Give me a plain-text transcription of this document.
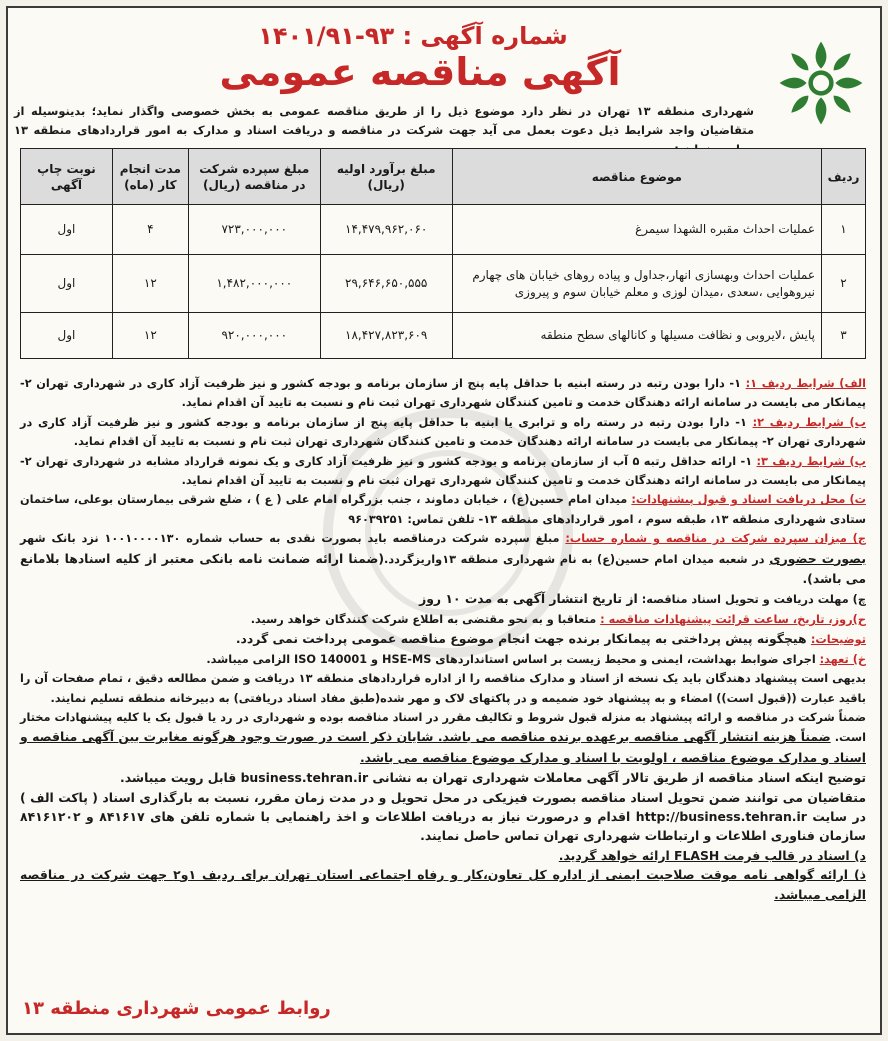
شماره آگهی : ۹۳-۱۴۰۱/۹۱ آگهی مناقصه عمومی

شهرداری منطقه ۱۳ تهران در نظر دارد موضوع ذیل را از طریق مناقصه عمومی به بخش خصوصی واگذار نماید؛ بدینوسیله از متقاضیان واجد شرایط ذیل دعوت بعمل می آید جهت شرکت در مناقصه و دریافت اسناد و مدارک به امور قراردادهای منطقه ۱۳

ردیف	موضوع مناقصه	مبلغ برآورد اولیه (ریال)	مبلغ سپرده شرکت در مناقصه (ریال)	مدت انجام کار (ماه)	نوبت چاپ آگهی
۱	عملیات احداث مقبره الشهدا سیمرغ	۱۴,۴۷۹,۹۶۲,۰۶۰	۷۲۳,۰۰۰,۰۰۰	۴	اول
۲	عملیات احداث وبهسازی انهار،جداول و پیاده روهای خیابان های چهارم نیروهوایی ،سعدی ،میدان لوزی و معلم خیابان سوم و پیروزی	۲۹,۶۴۶,۶۵۰,۵۵۵	۱,۴۸۲,۰۰۰,۰۰۰	۱۲	اول
۳	پایش ،لایروبی و نظافت مسیلها و کانالهای سطح منطقه	۱۸,۴۲۷,۸۲۳,۶۰۹	۹۲۰,۰۰۰,۰۰۰	۱۲	اول

الف) شرایط ردیف ۱: ۱- دارا بودن رتبه در رسته ابنیه با حداقل پایه پنج از سازمان برنامه و بودجه کشور و نیز ظرفیت آزاد کاری در شهرداری تهران ۲- پیمانکار می بایست در سامانه ارائه دهندگان خدمت و تامین کنندگان شهرداری تهران ثبت نام و نسبت به تایید آن اقدام نماید.

ب) شرایط ردیف ۲: ۱- دارا بودن رتبه در رسته راه و ترابری یا ابنیه با حداقل پایه پنج از سازمان برنامه و بودجه کشور و نیز ظرفیت آزاد کاری در شهرداری تهران ۲- پیمانکار می بایست در سامانه ارائه دهندگان خدمت و تامین کنندگان شهرداری تهران ثبت نام و نسبت به تایید آن اقدام نماید.

پ) شرایط ردیف ۳: ۱- ارائه حداقل رتبه ۵ آب از سازمان برنامه و بودجه کشور و نیز ظرفیت آزاد کاری و یک نمونه قرارداد مشابه در شهرداری تهران ۲- پیمانکار می بایست در سامانه ارائه دهندگان خدمت و تامین کنندگان شهرداری تهران ثبت نام و نسبت به تایید آن اقدام نماید.

ت) محل دریافت اسناد و قبول پیشنهادات: میدان امام حسین(ع) ، خیابان دماوند ، جنب بزرگراه امام علی ( ع ) ، ضلع شرقی بیمارستان بوعلی، ساختمان ستادی شهرداری منطقه ۱۳، طبقه سوم ، امور قراردادهای منطقه ۱۳- تلفن تماس: ۹۶۰۳۹۲۵۱

ج) میزان سپرده شرکت در مناقصه و شماره حساب: مبلغ سپرده شرکت درمناقصه باید بصورت نقدی به حساب شماره ۱۰۰۱۰۰۰۰۱۳۰ نزد بانک شهر بصورت حضوری در شعبه میدان امام حسین(ع) به نام شهرداری منطقه ۱۳واریزگردد.(ضمنا ارائه ضمانت نامه بانکی معتبر از کلیه اسنادها بلامانع می باشد).

چ) مهلت دریافت و تحویل اسناد مناقصه: از تاریخ انتشار آگهی به مدت ۱۰ روز

ح)روز، تاریخ، ساعت قرائت پیشنهادات مناقصه : متعاقبا و به نحو مقتضی به اطلاع شرکت کنندگان خواهد رسید.

توضیحات: هیچگونه پیش پرداختی به پیمانکار برنده جهت انجام موضوع مناقصه عمومی پرداخت نمی گردد.

خ) تعهد: اجرای ضوابط بهداشت، ایمنی و محیط زیست بر اساس استانداردهای HSE-MS و ISO 140001 الزامی میباشد.

بدیهی است پیشنهاد دهندگان باید یک نسخه از اسناد و مدارک مناقصه را از اداره قراردادهای منطقه ۱۳ دریافت و ضمن مطالعه دقیق ، تمام صفحات آن را باقید عبارت ((قبول است)) امضاء و به پیشنهاد خود ضمیمه و در پاکتهای لاک و مهر شده(طبق مفاد اسناد دریافتی) به دبیرخانه منطقه تسلیم نمایند.

ضمناً شرکت در مناقصه و ارائه پیشنهاد به منزله قبول شروط و تکالیف مقرر در اسناد مناقصه بوده و شهرداری در رد یا قبول یک یا کلیه پیشنهادات مختار است. ضمناً هزینه انتشار آگهی مناقصه برعهده برنده مناقصه می باشد. شایان ذکر است در صورت وجود هرگونه مغایرت بین آگهی مناقصه و اسناد و مدارک موضوع مناقصه ، اولویت با اسناد و مدارک موضوع مناقصه می باشد.

توضیح اینکه اسناد مناقصه از طریق تالار آگهی معاملات شهرداری تهران به نشانی business.tehran.ir قابل رویت میباشد.

متقاضیان می توانند ضمن تحویل اسناد مناقصه بصورت فیزیکی در محل تحویل و در مدت زمان مقرر، نسبت به بارگذاری اسناد ( پاکت الف ) در سایت http://business.tehran.ir اقدام و درصورت نیاز به دریافت اطلاعات و اخذ راهنمایی با شماره تلفن های ۸۴۱۶۱۷ و ۸۴۱۶۱۲۰۲ سازمان فناوری اطلاعات و ارتباطات شهرداری تهران تماس حاصل نمایند.

د) اسناد در قالب فرمت FLASH ارائه خواهد گردید.

ذ) ارائه گواهی نامه موقت صلاحیت ایمنی از اداره کل تعاون،کار و رفاه اجتماعی استان تهران برای ردیف ۱و۲ جهت شرکت در مناقصه الزامی میباشد.

روابط عمومی شهرداری منطقه ۱۳
